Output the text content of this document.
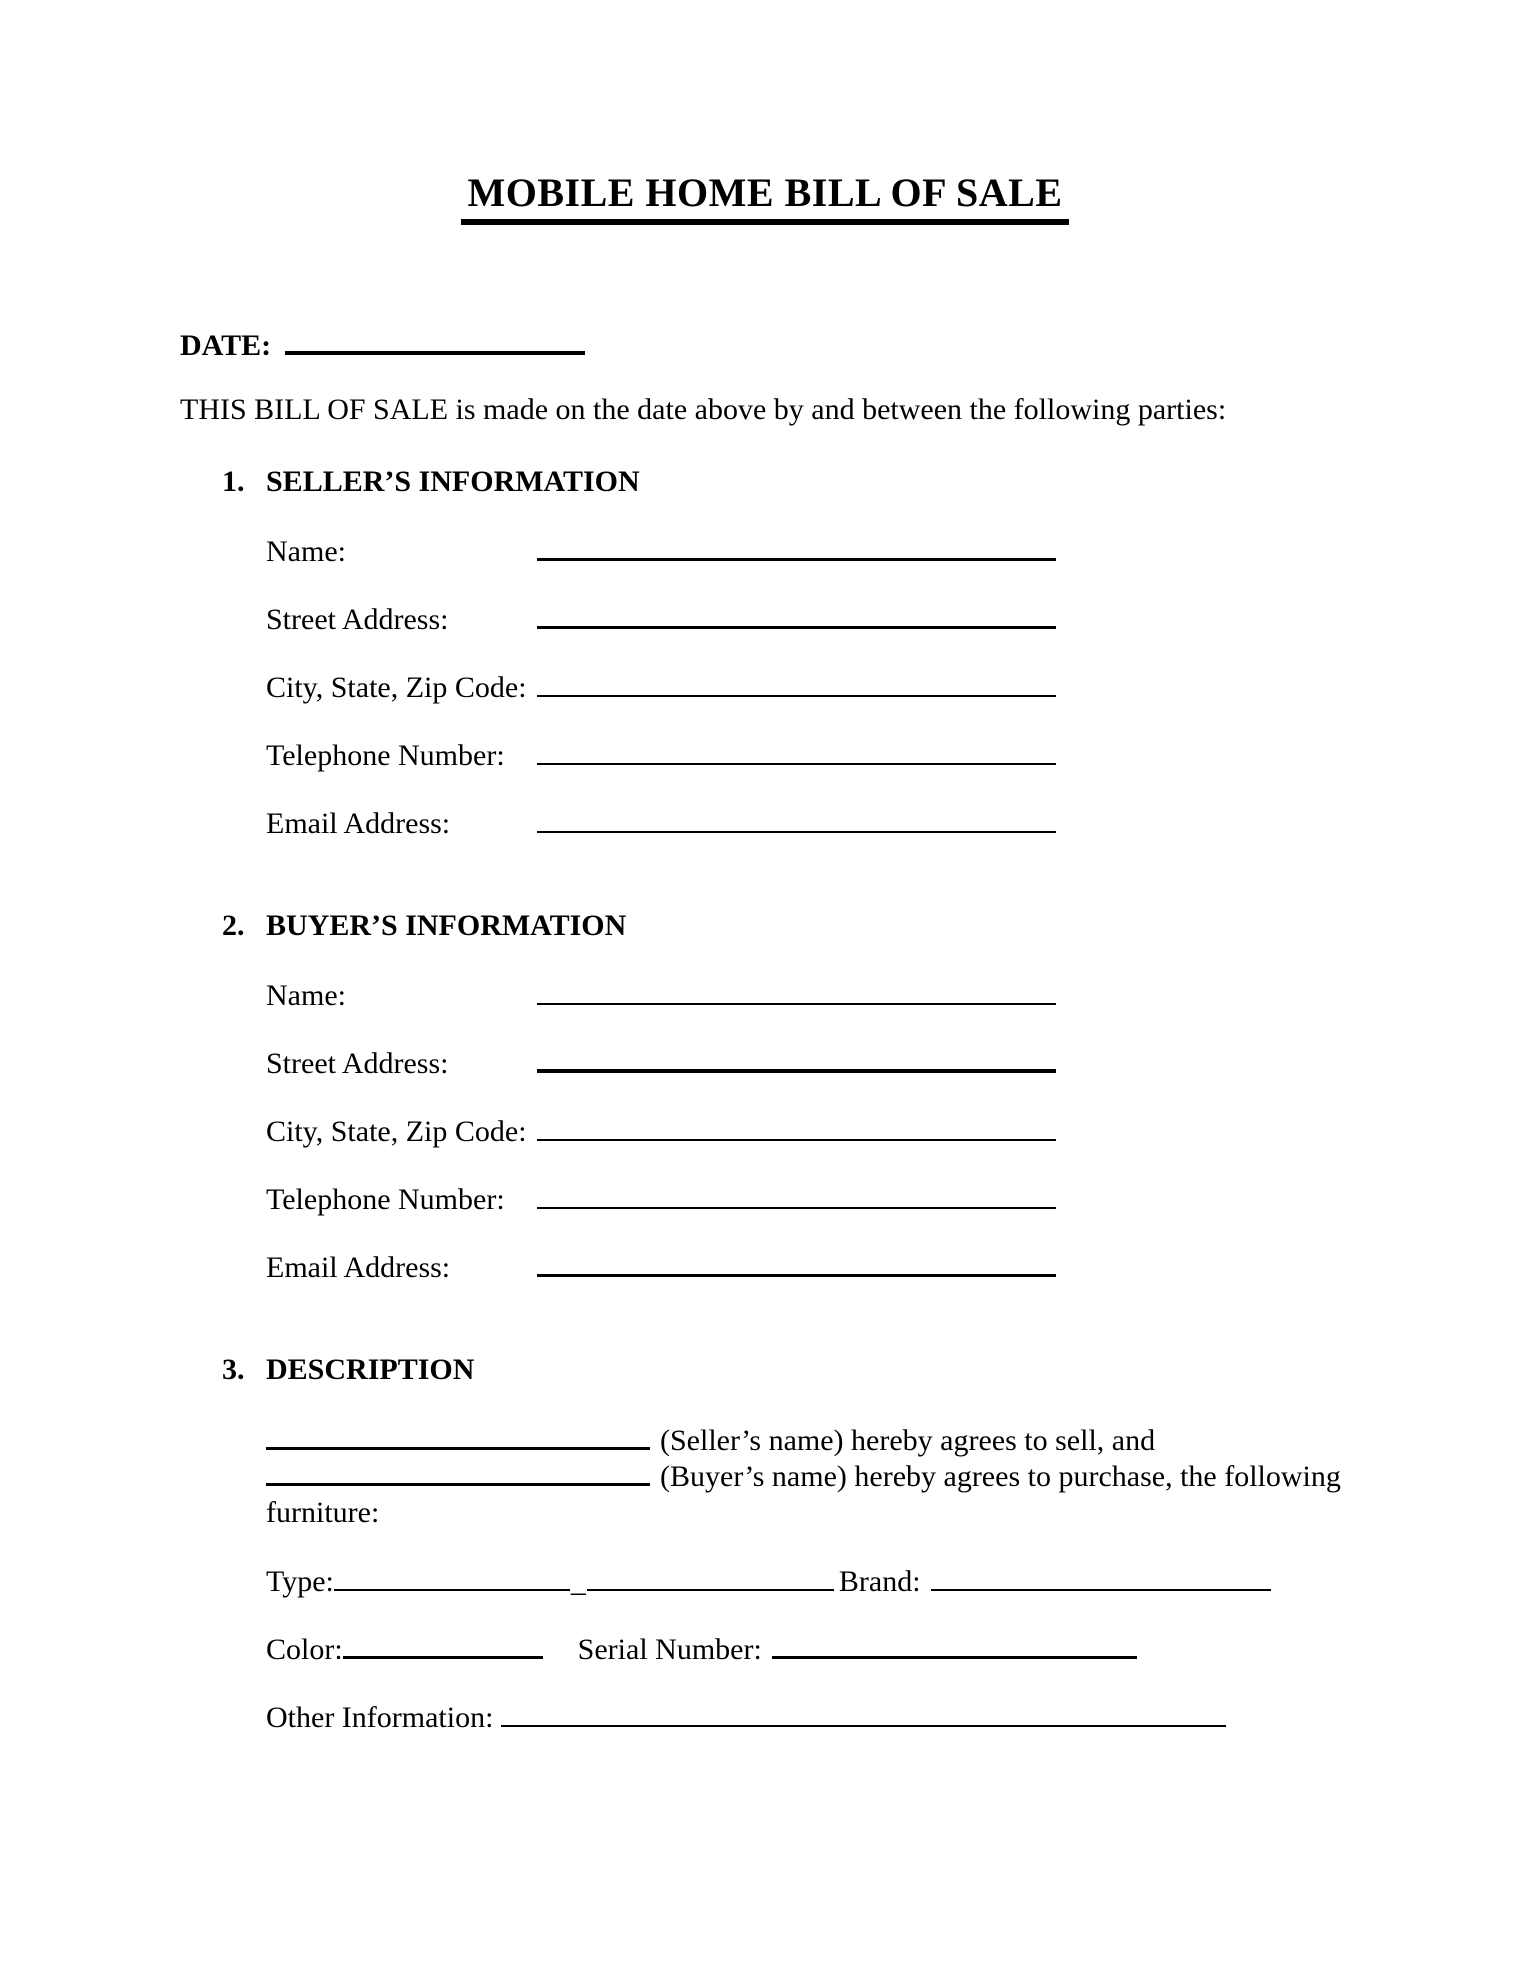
MOBILE HOME BILL OF SALE
DATE:

THIS BILL OF SALE is made on the date above by and between the following parties:

1. SELLER’S INFORMATION
Name:
Street Address:
City, State, Zip Code:
Telephone Number:
Email Address:
2. BUYER’S INFORMATION
Name:
Street Address:
City, State, Zip Code:
Telephone Number:
Email Address:
3. DESCRIPTION
(Seller’s name) hereby agrees to sell, and
(Buyer’s name) hereby agrees to purchase, the following
furniture:
Type:	_	Brand:
Color:	Serial Number:
Other Information:
